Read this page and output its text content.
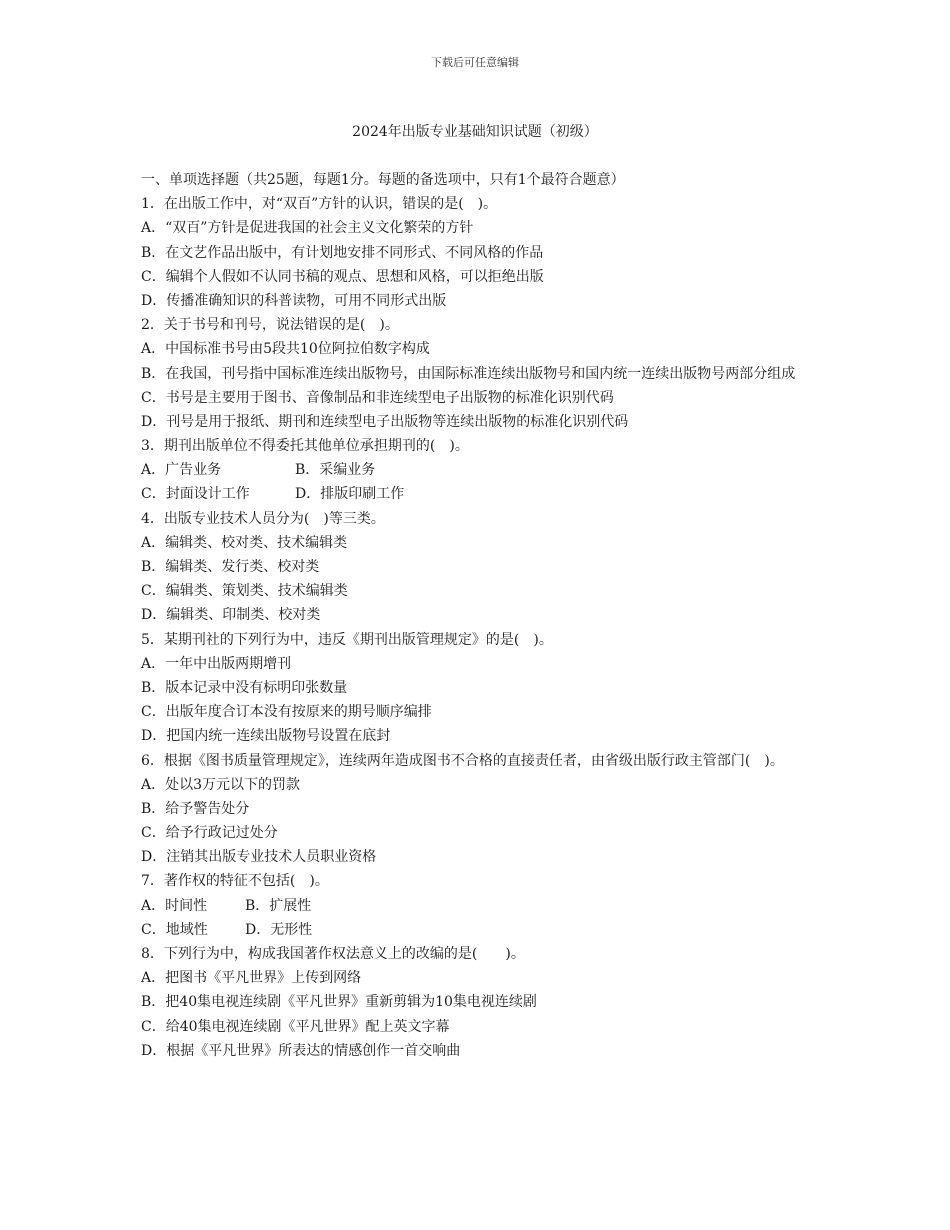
下载后可任意编辑
2024年出版专业基础知识试题（初级）
一、单项选择题（共25题，每题1分。每题的备选项中，只有1个最符合题意）
1．在出版工作中，对“双百”方针的认识，错误的是(　)。
A．“双百”方针是促进我国的社会主义文化繁荣的方针
B．在文艺作品出版中，有计划地安排不同形式、不同风格的作品
C．编辑个人假如不认同书稿的观点、思想和风格，可以拒绝出版
D．传播准确知识的科普读物，可用不同形式出版
2．关于书号和刊号，说法错误的是(　)。
A．中国标准书号由5段共10位阿拉伯数字构成
B．在我国，刊号指中国标准连续出版物号，由国际标准连续出版物号和国内统一连续出版物号两部分组成
C．书号是主要用于图书、音像制品和非连续型电子出版物的标准化识别代码
D．刊号是用于报纸、期刊和连续型电子出版物等连续出版物的标准化识别代码
3．期刊出版单位不得委托其他单位承担期刊的(　)。
A．广告业务	B．采编业务
C．封面设计工作	D．排版印刷工作
4．出版专业技术人员分为(　)等三类。
A．编辑类、校对类、技术编辑类
B．编辑类、发行类、校对类
C．编辑类、策划类、技术编辑类
D．编辑类、印制类、校对类
5．某期刊社的下列行为中，违反《期刊出版管理规定》的是(　)。
A．一年中出版两期增刊
B．版本记录中没有标明印张数量
C．出版年度合订本没有按原来的期号顺序编排
D．把国内统一连续出版物号设置在底封
6．根据《图书质量管理规定》，连续两年造成图书不合格的直接责任者，由省级出版行政主管部门(　)。
A．处以3万元以下的罚款
B．给予警告处分
C．给予行政记过处分
D．注销其出版专业技术人员职业资格
7．著作权的特征不包括(　)。
A．时间性	B．扩展性
C．地域性	D．无形性
8．下列行为中，构成我国著作权法意义上的改编的是(　　)。
A．把图书《平凡世界》上传到网络
B．把40集电视连续剧《平凡世界》重新剪辑为10集电视连续剧
C．给40集电视连续剧《平凡世界》配上英文字幕
D．根据《平凡世界》所表达的情感创作一首交响曲
